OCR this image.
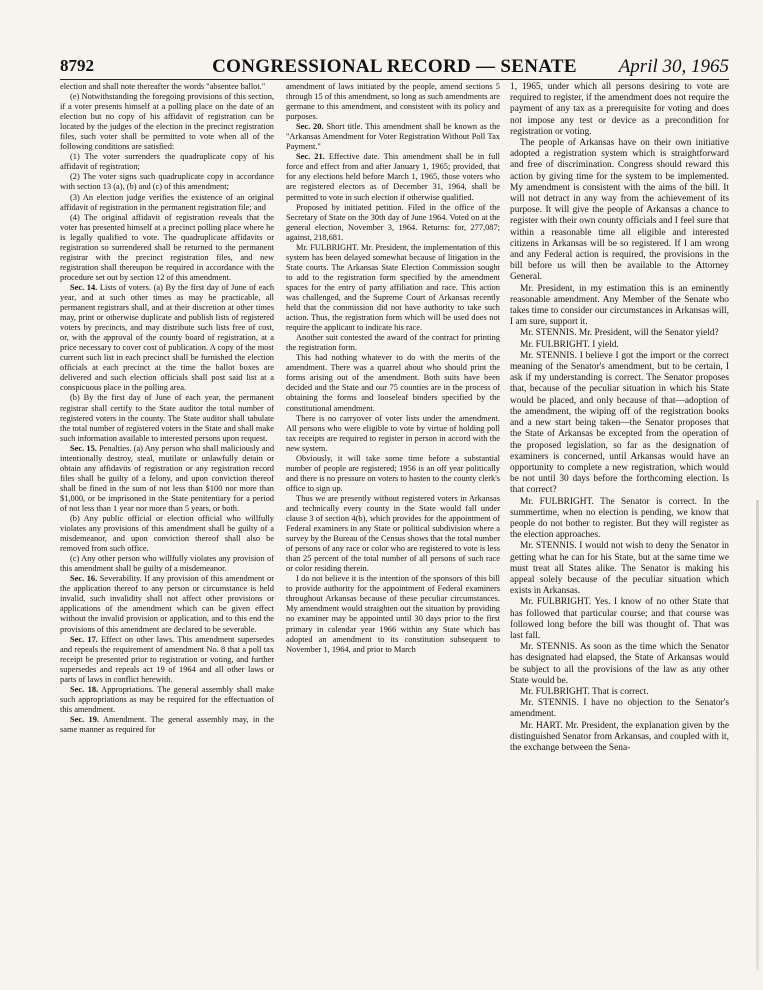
8792	CONGRESSIONAL RECORD — SENATE	April 30, 1965

election and shall note thereafter the words "absentee ballot."

(e) Notwithstanding the foregoing provisions of this section, if a voter presents himself at a polling place on the date of an election but no copy of his affidavit of registration can be located by the judges of the election in the precinct registration files, such voter shall be permitted to vote when all of the following conditions are satisfied:

(1) The voter surrenders the quadruplicate copy of his affidavit of registration;

(2) The voter signs such quadruplicate copy in accordance with section 13 (a), (b) and (c) of this amendment;

(3) An election judge verifies the existence of an original affidavit of registration in the permanent registration file; and

(4) The original affidavit of registration reveals that the voter has presented himself at a precinct polling place where he is legally qualified to vote. The quadruplicate affidavits or registration so surrendered shall be returned to the permanent registrar with the precinct registration files, and new registration shall thereupon be required in accordance with the procedure set out by section 12 of this amendment.

Sec. 14. Lists of voters. (a) By the first day of June of each year, and at such other times as may be practicable, all permanent registrars shall, and at their discretion at other times may, print or otherwise duplicate and publish lists of registered voters by precincts, and may distribute such lists free of cost, or, with the approval of the county board of registration, at a price necessary to cover cost of publication. A copy of the most current such list in each precinct shall be furnished the election officials at each precinct at the time the ballot boxes are delivered and such election officials shall post said list at a conspicuous place in the polling area.

(b) By the first day of June of each year, the permanent registrar shall certify to the State auditor the total number of registered voters in the county. The State auditor shall tabulate the total number of registered voters in the State and shall make such information available to interested persons upon request.

Sec. 15. Penalties. (a) Any person who shall maliciously and intentionally destroy, steal, mutilate or unlawfully detain or obtain any affidavits of registration or any registration record files shall be guilty of a felony, and upon conviction thereof shall be fined in the sum of not less than $100 nor more than $1,000, or be imprisoned in the State penitentiary for a period of not less than 1 year nor more than 5 years, or both.

(b) Any public official or election official who willfully violates any provisions of this amendment shall be guilty of a misdemeanor, and upon conviction thereof shall also be removed from such office.

(c) Any other person who willfully violates any provision of this amendment shall be guilty of a misdemeanor.

Sec. 16. Severability. If any provision of this amendment or the application thereof to any person or circumstance is held invalid, such invalidity shall not affect other provisions or applications of the amendment which can be given effect without the invalid provision or application, and to this end the provisions of this amendment are declared to be severable.

Sec. 17. Effect on other laws. This amendment supersedes and repeals the requirement of amendment No. 8 that a poll tax receipt be presented prior to registration or voting, and further supersedes and repeals act 19 of 1964 and all other laws or parts of laws in conflict herewith.

Sec. 18. Appropriations. The general assembly shall make such appropriations as may be required for the effectuation of this amendment.

Sec. 19. Amendment. The general assembly may, in the same manner as required for

amendment of laws initiated by the people, amend sections 5 through 15 of this amendment, so long as such amendments are germane to this amendment, and consistent with its policy and purposes.

Sec. 20. Short title. This amendment shall be known as the "Arkansas Amendment for Voter Registration Without Poll Tax Payment."

Sec. 21. Effective date. This amendment shall be in full force and effect from and after January 1, 1965; provided, that for any elections held before March 1, 1965, those voters who are registered electors as of December 31, 1964, shall be permitted to vote in such election if otherwise qualified.

Proposed by initiated petition. Filed in the office of the Secretary of State on the 30th day of June 1964. Voted on at the general election, November 3, 1964. Returns: for, 277,087; against, 218,681.

Mr. FULBRIGHT. Mr. President, the implementation of this system has been delayed somewhat because of litigation in the State courts. The Arkansas State Election Commission sought to add to the registration form specified by the amendment spaces for the entry of party affiliation and race. This action was challenged, and the Supreme Court of Arkansas recently held that the commission did not have authority to take such action. Thus, the registration form which will be used does not require the applicant to indicate his race.

Another suit contested the award of the contract for printing the registration form.

This had nothing whatever to do with the merits of the amendment. There was a quarrel about who should print the forms arising out of the amendment. Both suits have been decided and the State and our 75 counties are in the process of obtaining the forms and looseleaf binders specified by the constitutional amendment.

There is no carryover of voter lists under the amendment. All persons who were eligible to vote by virtue of holding poll tax receipts are required to register in person in accord with the new system.

Obviously, it will take some time before a substantial number of people are registered; 1956 is an off year politically and there is no pressure on voters to hasten to the county clerk's office to sign up.

Thus we are presently without registered voters in Arkansas and technically every county in the State would fall under clause 3 of section 4(b), which provides for the appointment of Federal examiners in any State or political subdivision where a survey by the Bureau of the Census shows that the total number of persons of any race or color who are registered to vote is less than 25 percent of the total number of all persons of such race or color residing therein.

I do not believe it is the intention of the sponsors of this bill to provide authority for the appointment of Federal examiners throughout Arkansas because of these peculiar circumstances. My amendment would straighten out the situation by providing no examiner may be appointed until 30 days prior to the first primary in calendar year 1966 within any State which has adopted an amendment to its constitution subsequent to November 1, 1964, and prior to March

1, 1965, under which all persons desiring to vote are required to register, if the amendment does not require the payment of any tax as a prerequisite for voting and does not impose any test or device as a precondition for registration or voting.

The people of Arkansas have on their own initiative adopted a registration system which is straightforward and free of discrimination. Congress should reward this action by giving time for the system to be implemented. My amendment is consistent with the aims of the bill. It will not detract in any way from the achievement of its purpose. It will give the people of Arkansas a chance to register with their own county officials and I feel sure that within a reasonable time all eligible and interested citizens in Arkansas will be so registered. If I am wrong and any Federal action is required, the provisions in the bill before us will then be available to the Attorney General.

Mr. President, in my estimation this is an eminently reasonable amendment. Any Member of the Senate who takes time to consider our circumstances in Arkansas will, I am sure, support it.

Mr. STENNIS. Mr. President, will the Senator yield?

Mr. FULBRIGHT. I yield.

Mr. STENNIS. I believe I got the import or the correct meaning of the Senator's amendment, but to be certain, I ask if my understanding is correct. The Senator proposes that, because of the peculiar situation in which his State would be placed, and only because of that—adoption of the amendment, the wiping off of the registration books and a new start being taken—the Senator proposes that the State of Arkansas be excepted from the operation of the proposed legislation, so far as the designation of examiners is concerned, until Arkansas would have an opportunity to complete a new registration, which would be not until 30 days before the forthcoming election. Is that correct?

Mr. FULBRIGHT. The Senator is correct. In the summertime, when no election is pending, we know that people do not bother to register. But they will register as the election approaches.

Mr. STENNIS. I would not wish to deny the Senator in getting what he can for his State, but at the same time we must treat all States alike. The Senator is making his appeal solely because of the peculiar situation which exists in Arkansas.

Mr. FULBRIGHT. Yes. I know of no other State that has followed that particular course; and that course was followed long before the bill was thought of. That was last fall.

Mr. STENNIS. As soon as the time which the Senator has designated had elapsed, the State of Arkansas would be subject to all the provisions of the law as any other State would be.

Mr. FULBRIGHT. That is correct.

Mr. STENNIS. I have no objection to the Senator's amendment.

Mr. HART. Mr. President, the explanation given by the distinguished Senator from Arkansas, and coupled with it, the exchange between the Sena-
